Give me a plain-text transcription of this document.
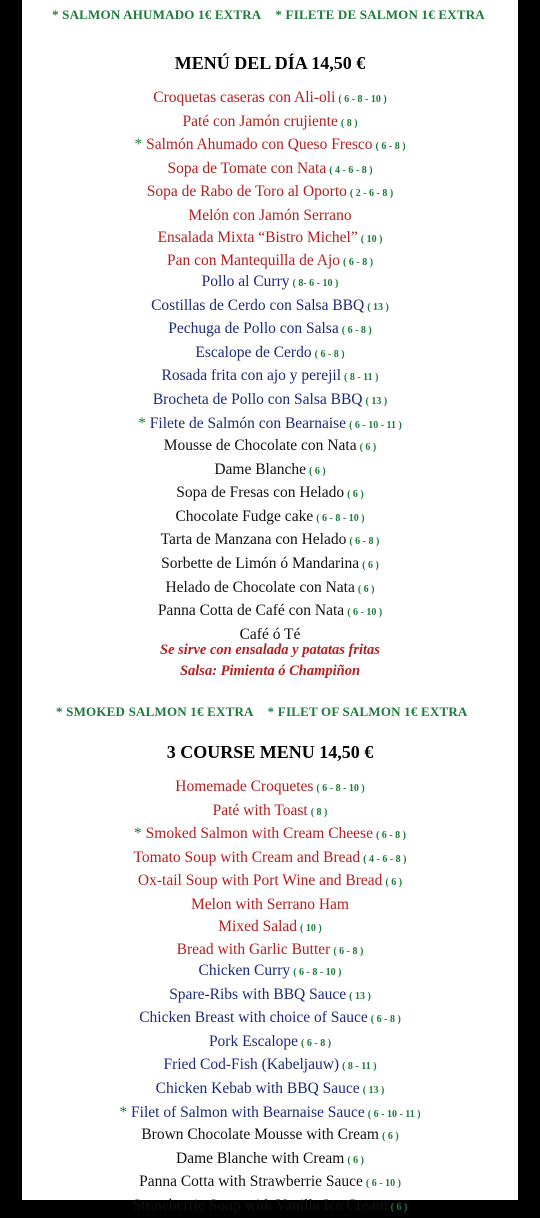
* SALMON AHUMADO 1€ EXTRA * FILETE DE SALMON 1€ EXTRA
MENÚ DEL DÍA 14,50 €
Croquetas caseras con Ali-oli ( 6 - 8 - 10 )
Paté con Jamón crujiente ( 8 )
* Salmón Ahumado con Queso Fresco ( 6 - 8 )
Sopa de Tomate con Nata ( 4 - 6 - 8 )
Sopa de Rabo de Toro al Oporto ( 2 - 6 - 8 )
Melón con Jamón Serrano
Ensalada Mixta “Bistro Michel” ( 10 )
Pan con Mantequilla de Ajo ( 6 - 8 )
Pollo al Curry ( 8- 6 - 10 )
Costillas de Cerdo con Salsa BBQ ( 13 )
Pechuga de Pollo con Salsa ( 6 - 8 )
Escalope de Cerdo ( 6 - 8 )
Rosada frita con ajo y perejil ( 8 - 11 )
Brocheta de Pollo con Salsa BBQ ( 13 )
* Filete de Salmón con Bearnaise ( 6 - 10 - 11 )
Mousse de Chocolate con Nata ( 6 )
Dame Blanche ( 6 )
Sopa de Fresas con Helado ( 6 )
Chocolate Fudge cake ( 6 - 8 - 10 )
Tarta de Manzana con Helado ( 6 - 8 )
Sorbette de Limón ó Mandarina ( 6 )
Helado de Chocolate con Nata ( 6 )
Panna Cotta de Café con Nata ( 6 - 10 )
Café ó Té
Se sirve con ensalada y patatas fritas
Salsa: Pimienta ó Champiñon
* SMOKED SALMON 1€ EXTRA * FILET OF SALMON 1€ EXTRA
3 COURSE MENU 14,50 €
Homemade Croquetes ( 6 - 8 - 10 )
Paté with Toast ( 8 )
* Smoked Salmon with Cream Cheese ( 6 - 8 )
Tomato Soup with Cream and Bread ( 4 - 6 - 8 )
Ox-tail Soup with Port Wine and Bread ( 6 )
Melon with Serrano Ham
Mixed Salad ( 10 )
Bread with Garlic Butter ( 6 - 8 )
Chicken Curry ( 6 - 8 - 10 )
Spare-Ribs with BBQ Sauce ( 13 )
Chicken Breast with choice of Sauce ( 6 - 8 )
Pork Escalope ( 6 - 8 )
Fried Cod-Fish (Kabeljauw) ( 8 - 11 )
Chicken Kebab with BBQ Sauce ( 13 )
* Filet of Salmon with Bearnaise Sauce ( 6 - 10 - 11 )
Brown Chocolate Mousse with Cream ( 6 )
Dame Blanche with Cream ( 6 )
Panna Cotta with Strawberrie Sauce ( 6 - 10 )
Strawberrie Soup with Vanilla Ice Cream ( 6 )
